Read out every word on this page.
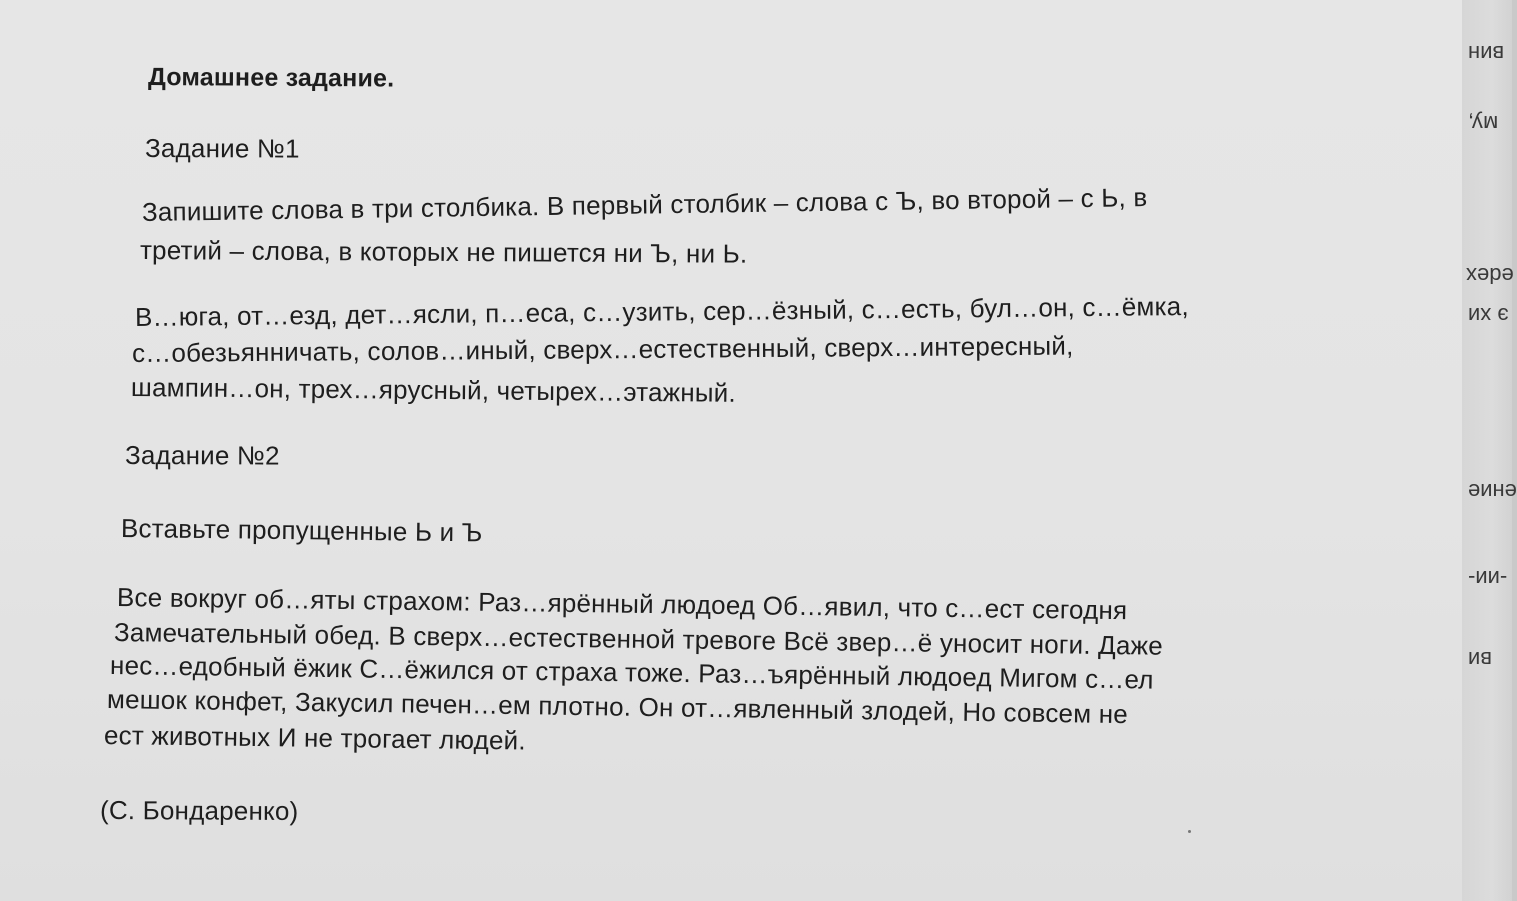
Домашнее задание.
Задание №1
Запишите слова в три столбика. В первый столбик – слова с Ъ, во второй – с Ь, в
третий – слова, в которых не пишется ни Ъ, ни Ь.
В…юга, от…езд, дет…ясли, п…еса, с…узить, сер…ёзный, с…есть, бул…он, с…ёмка,
с…обезьянничать, солов…иный, сверх…естественный, сверх…интересный,
шампин…он, трех…ярусный, четырех…этажный.
Задание №2
Вставьте пропущенные Ь и Ъ
Все вокруг об…яты страхом: Раз…ярённый людоед Об…явил, что с…ест сегодня
Замечательный обед. В сверх…естественной тревоге Всё звер…ё уносит ноги. Даже
нес…едобный ёжик С…ёжился от страха тоже. Раз…ъярённый людоед Мигом с…ел
мешок конфет, Закусил печен…ем плотно. Он от…явленный злодей, Но совсем не
ест животных И не трогает людей.
(С. Бондаренко)
вин
му,
edex
э хи
ение
-ии-
ви
